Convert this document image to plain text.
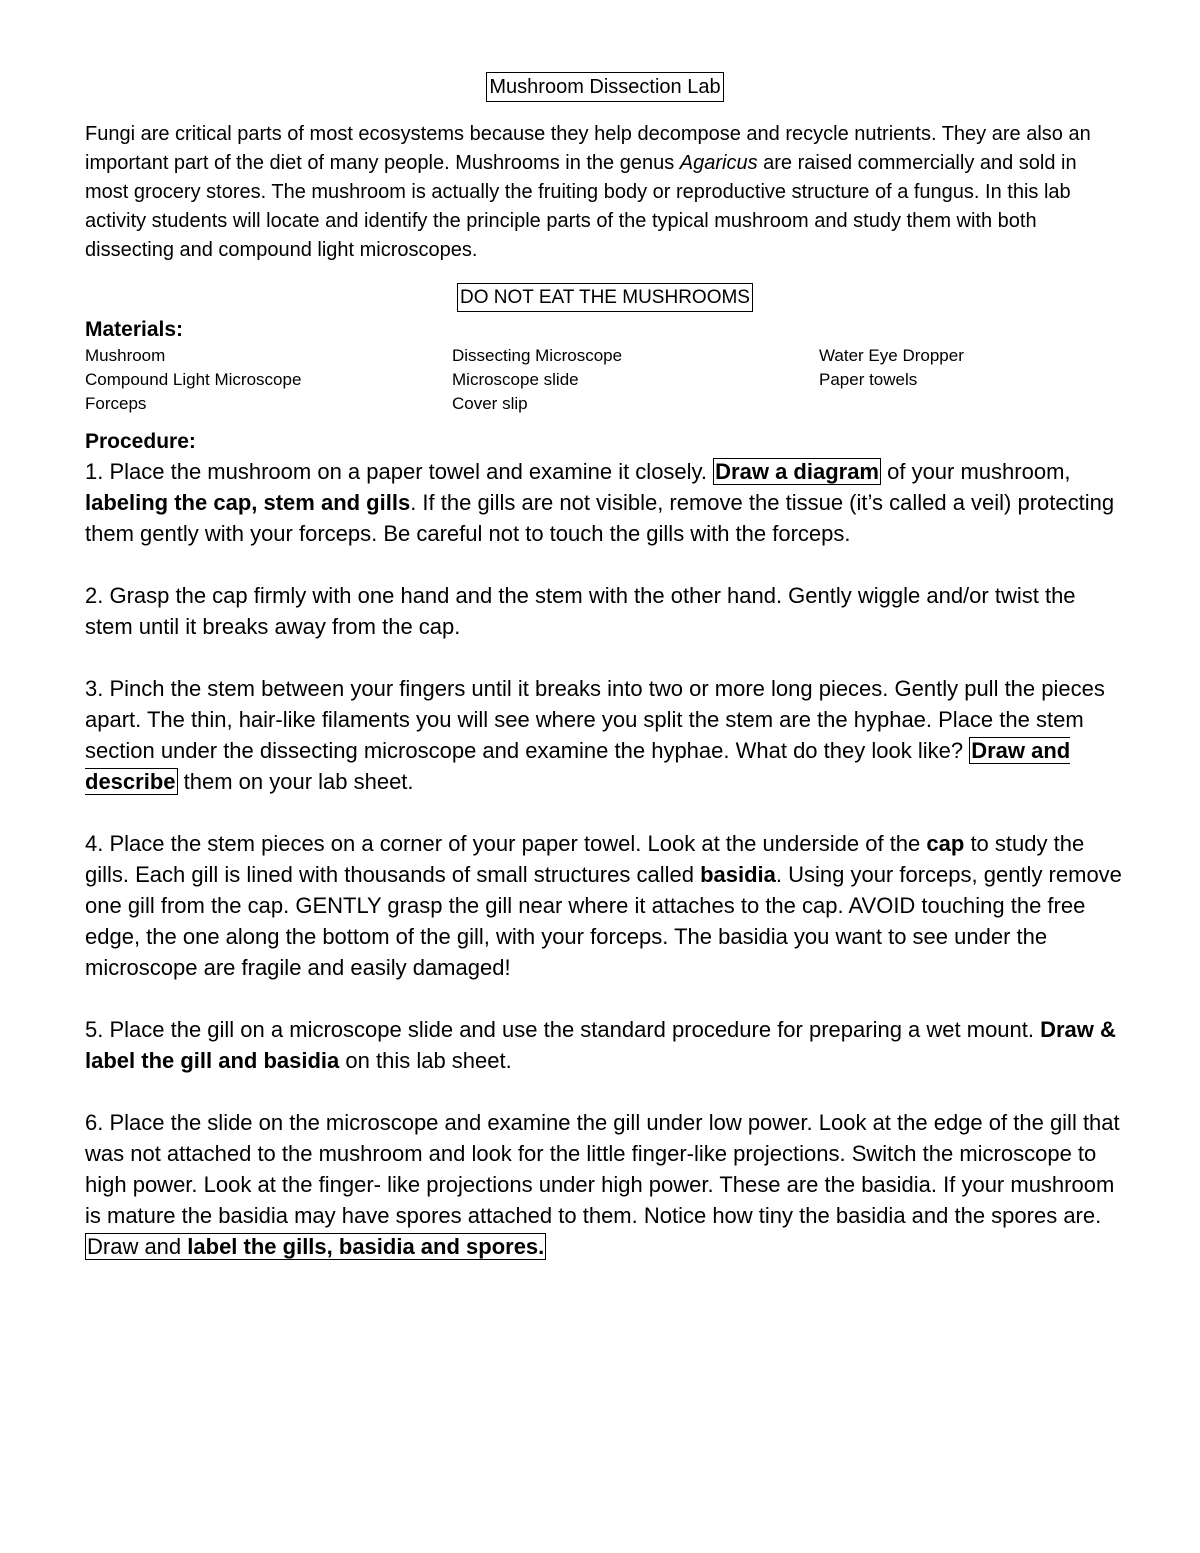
Mushroom Dissection Lab

Fungi are critical parts of most ecosystems because they help decompose and recycle nutrients. They are also an important part of the diet of many people. Mushrooms in the genus Agaricus are raised commercially and sold in most grocery stores. The mushroom is actually the fruiting body or reproductive structure of a fungus. In this lab activity students will locate and identify the principle parts of the typical mushroom and study them with both dissecting and compound light microscopes.

DO NOT EAT THE MUSHROOMS
Materials:
Mushroom	Dissecting Microscope	Water Eye Dropper
Compound Light Microscope	Microscope slide	Paper towels
Forceps	Cover slip
Procedure:

1. Place the mushroom on a paper towel and examine it closely. Draw a diagram of your mushroom, labeling the cap, stem and gills. If the gills are not visible, remove the tissue (it’s called a veil) protecting them gently with your forceps. Be careful not to touch the gills with the forceps.

2. Grasp the cap firmly with one hand and the stem with the other hand. Gently wiggle and/or twist the stem until it breaks away from the cap.

3. Pinch the stem between your fingers until it breaks into two or more long pieces. Gently pull the pieces apart. The thin, hair-like filaments you will see where you split the stem are the hyphae. Place the stem section under the dissecting microscope and examine the hyphae. What do they look like? Draw and describe them on your lab sheet.

4. Place the stem pieces on a corner of your paper towel. Look at the underside of the cap to study the gills. Each gill is lined with thousands of small structures called basidia. Using your forceps, gently remove one gill from the cap. GENTLY grasp the gill near where it attaches to the cap. AVOID touching the free edge, the one along the bottom of the gill, with your forceps. The basidia you want to see under the microscope are fragile and easily damaged!

5. Place the gill on a microscope slide and use the standard procedure for preparing a wet mount. Draw & label the gill and basidia on this lab sheet.

6. Place the slide on the microscope and examine the gill under low power. Look at the edge of the gill that was not attached to the mushroom and look for the little finger-like projections. Switch the microscope to high power. Look at the finger- like projections under high power. These are the basidia. If your mushroom is mature the basidia may have spores attached to them. Notice how tiny the basidia and the spores are. Draw and label the gills, basidia and spores.
